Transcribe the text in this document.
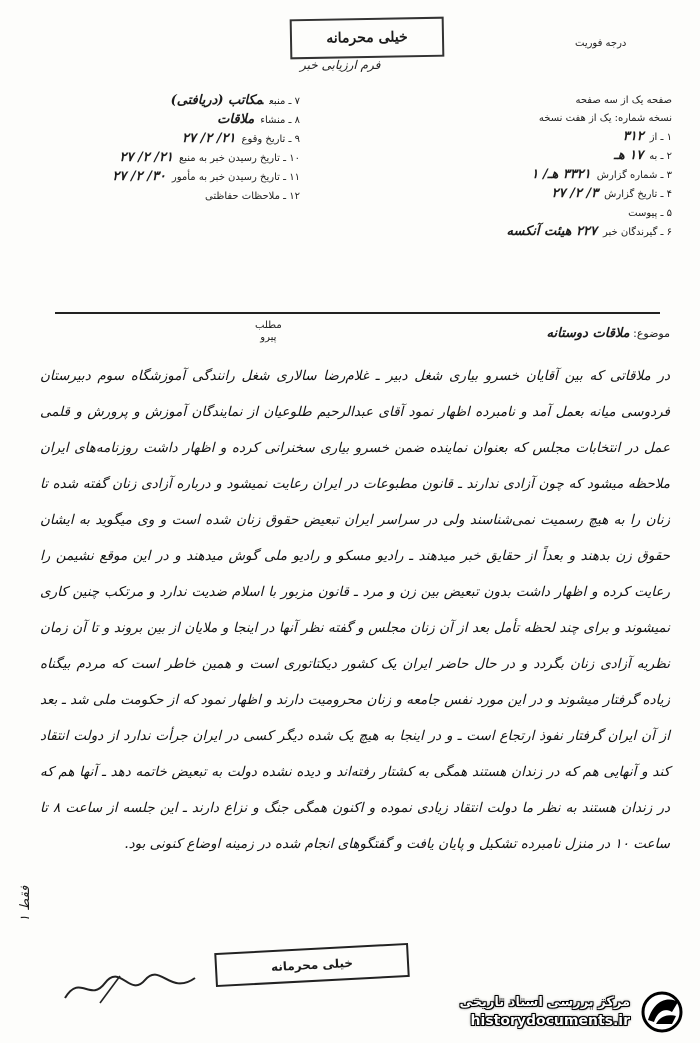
خیلی محرمانه
فرم ارزیابی خبر
درجه فوریت
صفحه یک از سه صفحه
نسخه شماره: یک از هفت نسخه
۱ ـ از۳۱۲
۲ ـ به۱۷ هـ
۳ ـ شماره گزارش۳۳۲۱ هـ/ ۱
۴ ـ تاریخ گزارش۳/ ۲/ ۲۷
۵ ـ پیوست
۶ ـ گیرندگان خبر۲۲۷ هیئت آنکسه
۷ ـ منبعمکاتب (دریافتی)
۸ ـ منشاءملاقات
۹ ـ تاریخ وقوع۲۱/ ۲/ ۲۷
۱۰ ـ تاریخ رسیدن خبر به منبع۲۱/ ۲/ ۲۷
۱۱ ـ تاریخ رسیدن خبر به مأمور۳۰/ ۲/ ۲۷
۱۲ ـ ملاحظات حفاظتی
مطلب
پیرو	موضوع: ملاقات دوستانه

در ملاقاتی که بین آقایان خسرو بیاری شغل دبیر ـ غلام‌رضا سالاری شغل رانندگی آموزشگاه سوم دبیرستان فردوسی میانه بعمل آمد و نامبرده اظهار نمود آقای عبدالرحیم طلوعیان از نمایندگان آموزش و پرورش و قلمی عمل در انتخابات مجلس که بعنوان نماینده ضمن خسرو بیاری سخنرانی کرده و اظهار داشت روزنامه‌های ایران ملاحظه میشود که چون آزادی ندارند ـ قانون مطبوعات در ایران رعایت نمیشود و درباره آزادی زنان گفته شده تا زنان را به هیچ رسمیت نمی‌شناسند ولی در سراسر ایران تبعیض حقوق زنان شده است و وی میگوید به ایشان حقوق زن بدهند و بعداً از حقایق خبر میدهند ـ رادیو مسکو و رادیو ملی گوش میدهند و در این موقع نشیمن را رعایت کرده و اظهار داشت بدون تبعیض بین زن و مرد ـ قانون مزبور با اسلام ضدیت ندارد و مرتکب چنین کاری نمیشوند و برای چند لحظه تأمل بعد از آن زنان مجلس و گفته نظر آنها در اینجا و ملایان از بین بروند و تا آن زمان نظریه آزادی زنان بگردد و در حال حاضر ایران یک کشور دیکتاتوری است و همین خاطر است که مردم بیگناه زیاده گرفتار میشوند و در این مورد نفس جامعه و زنان محرومیت دارند و اظهار نمود که از حکومت ملی شد ـ بعد از آن ایران گرفتار نفوذ ارتجاع است ـ و در اینجا به هیچ یک شده دیگر کسی در ایران جرأت ندارد از دولت انتقاد کند و آنهایی هم که در زندان هستند همگی به کشتار رفته‌اند و دیده نشده دولت به تبعیض خاتمه دهد ـ آنها هم که در زندان هستند به نظر ما دولت انتقاد زیادی نموده و اکنون همگی جنگ و نزاع دارند ـ این جلسه از ساعت ۸ تا ساعت ۱۰ در منزل نامبرده تشکیل و پایان یافت و گفتگوهای انجام شده در زمینه اوضاع کنونی بود.

فقط ۱
خیلی محرمانه
مرکز بررسی اسناد تاریخی
historydocuments.ir
